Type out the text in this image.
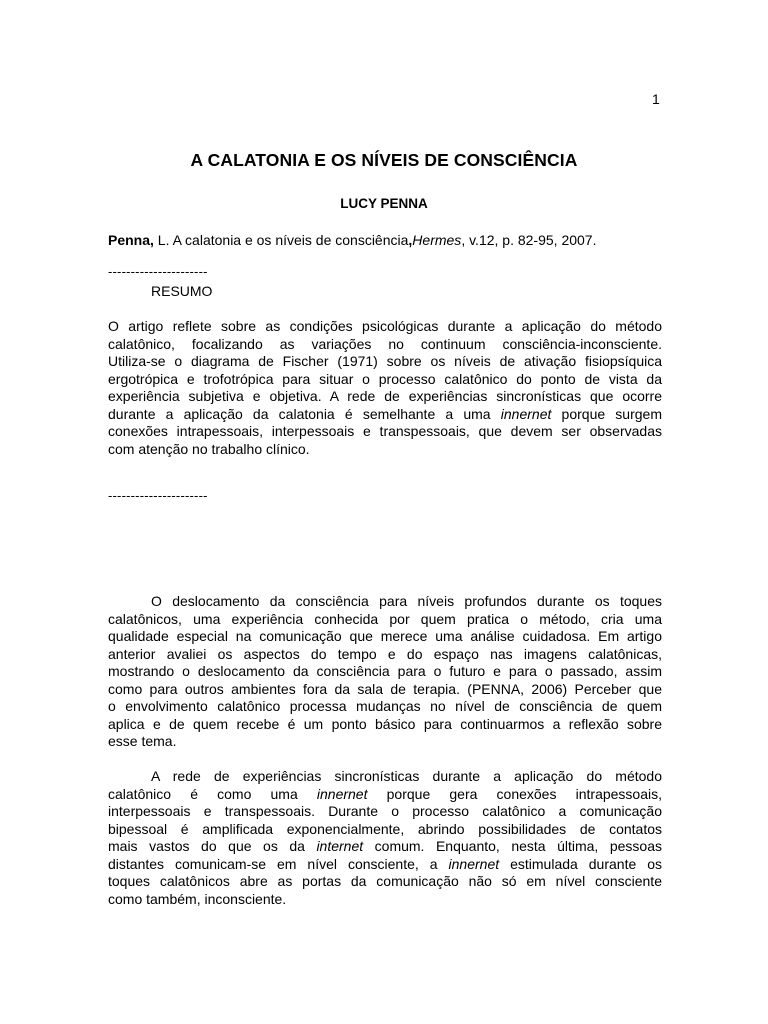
1
A CALATONIA E OS NÍVEIS DE CONSCIÊNCIA
LUCY PENNA
Penna, L. A calatonia e os níveis de consciência,Hermes, v.12, p. 82-95, 2007.
----------------------
RESUMO
O artigo reflete sobre as condições psicológicas durante a aplicação do método
calatônico, focalizando as variações no continuum consciência-inconsciente.
Utiliza-se o diagrama de Fischer (1971) sobre os níveis de ativação fisiopsíquica
ergotrópica e trofotrópica para situar o processo calatônico do ponto de vista da
experiência subjetiva e objetiva. A rede de experiências sincronísticas que ocorre
durante a aplicação da calatonia é semelhante a uma innernet porque surgem
conexões intrapessoais, interpessoais e transpessoais, que devem ser observadas
com atenção no trabalho clínico.
----------------------
O deslocamento da consciência para níveis profundos durante os toques
calatônicos, uma experiência conhecida por quem pratica o método, cria uma
qualidade especial na comunicação que merece uma análise cuidadosa. Em artigo
anterior avaliei os aspectos do tempo e do espaço nas imagens calatônicas,
mostrando o deslocamento da consciência para o futuro e para o passado, assim
como para outros ambientes fora da sala de terapia. (PENNA, 2006) Perceber que
o envolvimento calatônico processa mudanças no nível de consciência de quem
aplica e de quem recebe é um ponto básico para continuarmos a reflexão sobre
esse tema.
A rede de experiências sincronísticas durante a aplicação do método
calatônico é como uma innernet porque gera conexões intrapessoais,
interpessoais e transpessoais. Durante o processo calatônico a comunicação
bipessoal é amplificada exponencialmente, abrindo possibilidades de contatos
mais vastos do que os da internet comum. Enquanto, nesta última, pessoas
distantes comunicam-se em nível consciente, a innernet estimulada durante os
toques calatônicos abre as portas da comunicação não só em nível consciente
como também, inconsciente.
